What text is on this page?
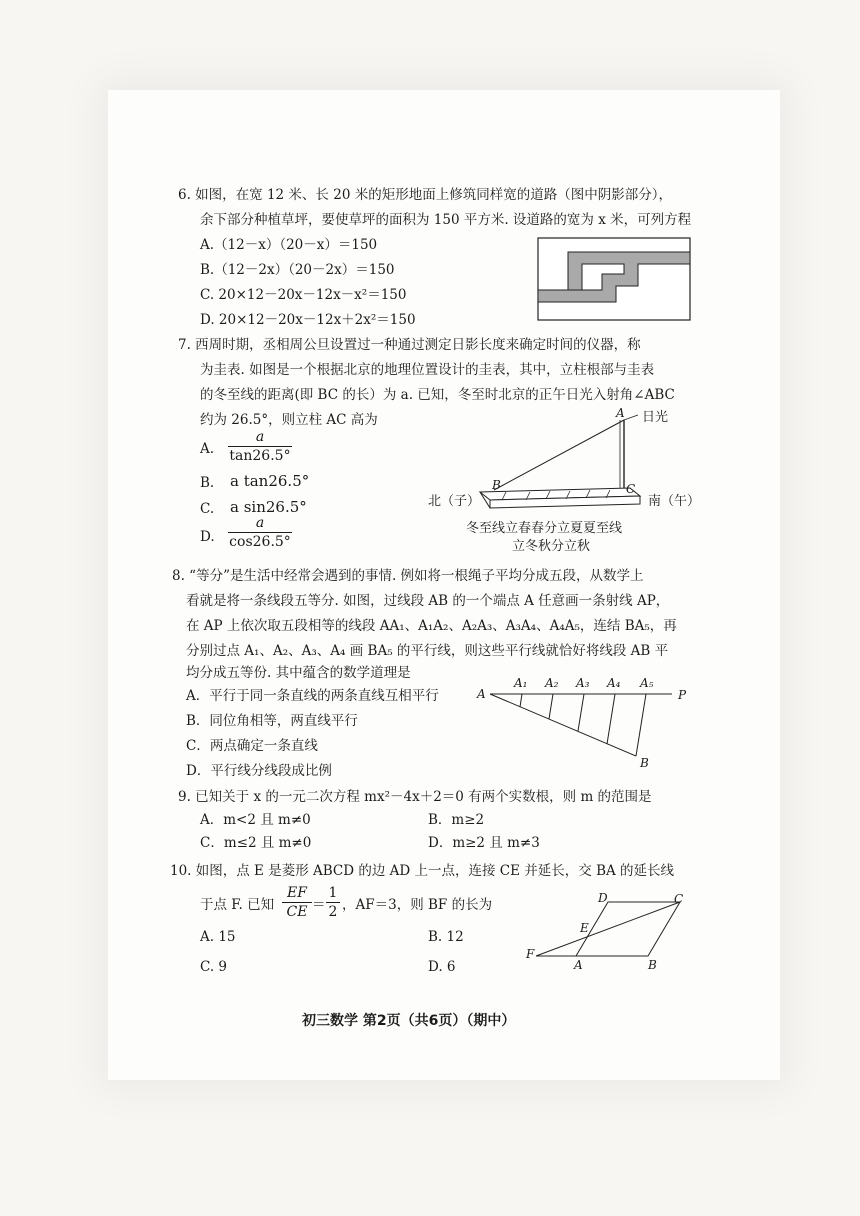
6. 如图，在宽 12 米、长 20 米的矩形地面上修筑同样宽的道路（图中阴影部分），
余下部分种植草坪，要使草坪的面积为 150 平方米. 设道路的宽为 x 米，可列方程
A.（12－x）（20－x）＝150
B.（12－2x）（20－2x）＝150
C. 20×12－20x－12x－x²＝150
D. 20×12－20x－12x＋2x²＝150
7. 西周时期，丞相周公旦设置过一种通过测定日影长度来确定时间的仪器，称
为圭表. 如图是一个根据北京的地理位置设计的圭表，其中，立柱根部与圭表
的冬至线的距离(即 BC 的长）为 a. 已知，冬至时北京的正午日光入射角∠ABC
约为 26.5°，则立柱 AC 高为
A. $\frac{a}{\tan 26.5^\circ}$
B. a tan26.5°
C. a sin26.5°
D. $\frac{a}{\cos 26.5^\circ}$
A 日光
B	C
北（子）	南（午）
冬至线立春春分立夏夏至线
立冬秋分立秋
8. “等分”是生活中经常会遇到的事情. 例如将一根绳子平均分成五段，从数学上
看就是将一条线段五等分. 如图，过线段 AB 的一个端点 A 任意画一条射线 AP，
在 AP 上依次取五段相等的线段 AA₁、A₁A₂、A₂A₃、A₃A₄、A₄A₅，连结 BA₅，再
分别过点 A₁、A₂、A₃、A₄ 画 BA₅ 的平行线，则这些平行线就恰好将线段 AB 平
均分成五等份. 其中蕴含的数学道理是
A．平行于同一条直线的两条直线互相平行
B．同位角相等，两直线平行
C．两点确定一条直线
D．平行线分线段成比例
A
A₁ A₂ A₃ A₄ A₅
P
B
9. 已知关于 x 的一元二次方程 mx²－4x＋2＝0 有两个实数根，则 m 的范围是
A．m<2 且 m≠0	B．m≥2
C．m≤2 且 m≠0	D．m≥2 且 m≠3
10. 如图，点 E 是菱形 ABCD 的边 AD 上一点，连接 CE 并延长，交 BA 的延长线
于点 F. 已知 $\frac{EF}{CE} = \frac{1}{2}$ ，AF＝3，则 BF 的长为
A. 15	B. 12
C. 9	D. 6
D	C
E
F
A	B
初三数学 第2页（共6页）（期中）
